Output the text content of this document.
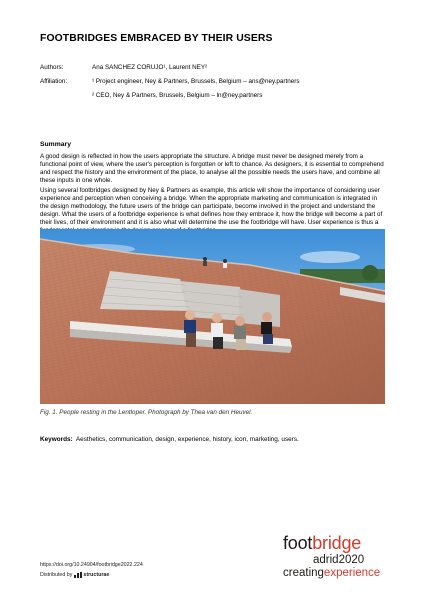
FOOTBRIDGES EMBRACED BY THEIR USERS
Authors:	Ana SANCHEZ CORUJO¹, Laurent NEY²
Affiliation:	¹ Project engineer, Ney & Partners, Brussels, Belgium – ans@ney.partners
² CEO, Ney & Partners, Brussels, Belgium – ln@ney.partners
Summary

A good design is reflected in how the users appropriate the structure. A bridge must never be designed merely from a functional point of view, where the user's perception is forgotten or left to chance. As designers, it is essential to comprehend and respect the history and the environment of the place, to analyse all the possible needs the users have, and combine all these inputs in one whole.

Using several footbridges designed by Ney & Partners as example, this article will show the importance of considering user experience and perception when conceiving a bridge. When the appropriate marketing and communication is integrated in the design methodology, the future users of the bridge can participate, become involved in the project and understand the design. What the users of a footbridge experience is what defines how they embrace it, how the bridge will become a part of their lives, of their environment and it is also what will determine the use the footbridge will have. User experience is thus a

Fig. 1. People resting in the Lentloper. Photograph by Thea van den Heuvel.
Keywords: Aesthetics, communication, design, experience, history, icon, marketing, users.
https://doi.org/10.24904/footbridge2022.224
Distributed by structurae
footbridge
adrid2020
creatingexperience
